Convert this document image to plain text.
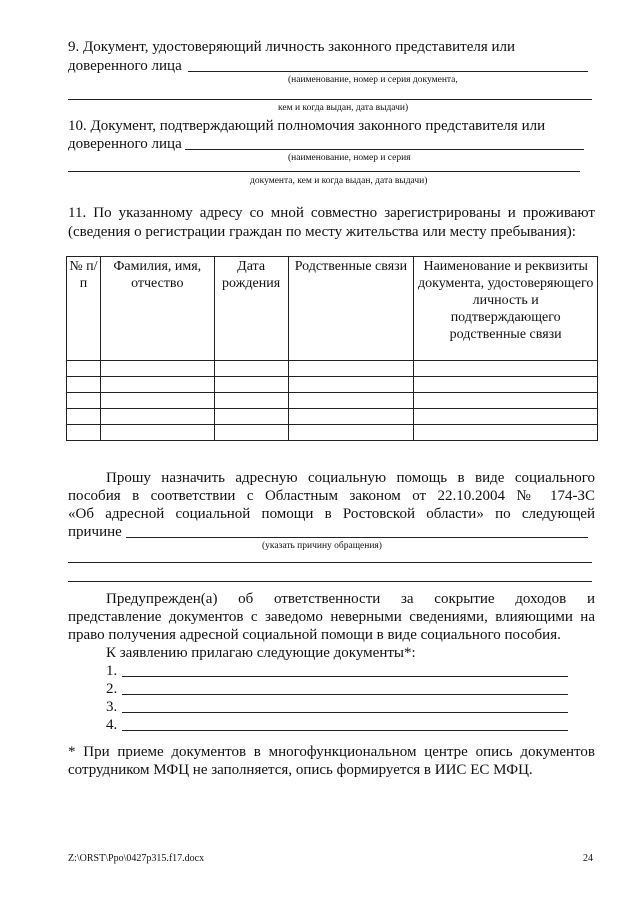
9. Документ, удостоверяющий личность законного представителя или
доверенного лица
(наименование, номер и серия документа,
кем и когда выдан, дата выдачи)
10. Документ, подтверждающий полномочия законного представителя или
доверенного лица
(наименование, номер и серия
документа, кем и когда выдан, дата выдачи)
11. По указанному адресу со мной совместно зарегистрированы и проживают
(сведения о регистрации граждан по месту жительства или месту пребывания):
№ п/п	Фамилия, имя, отчество	Дата рождения	Родственные связи	Наименование и реквизиты документа, удостоверяющего личность и подтверждающего родственные связи

Прошу назначить адресную социальную помощь в виде социального
пособия в соответствии с Областным законом от 22.10.2004 № 174-ЗС
«Об адресной социальной помощи в Ростовской области» по следующей
причине
(указать причину обращения)
Предупрежден(а) об ответственности за сокрытие доходов и
представление документов с заведомо неверными сведениями, влияющими на
право получения адресной социальной помощи в виде социального пособия.
К заявлению прилагаю следующие документы*:
1.
2.
3.
4.
* При приеме документов в многофункциональном центре опись документов
сотрудником МФЦ не заполняется, опись формируется в ИИС ЕС МФЦ.
Z:\ORST\Ppo\0427p315.f17.docx	24
